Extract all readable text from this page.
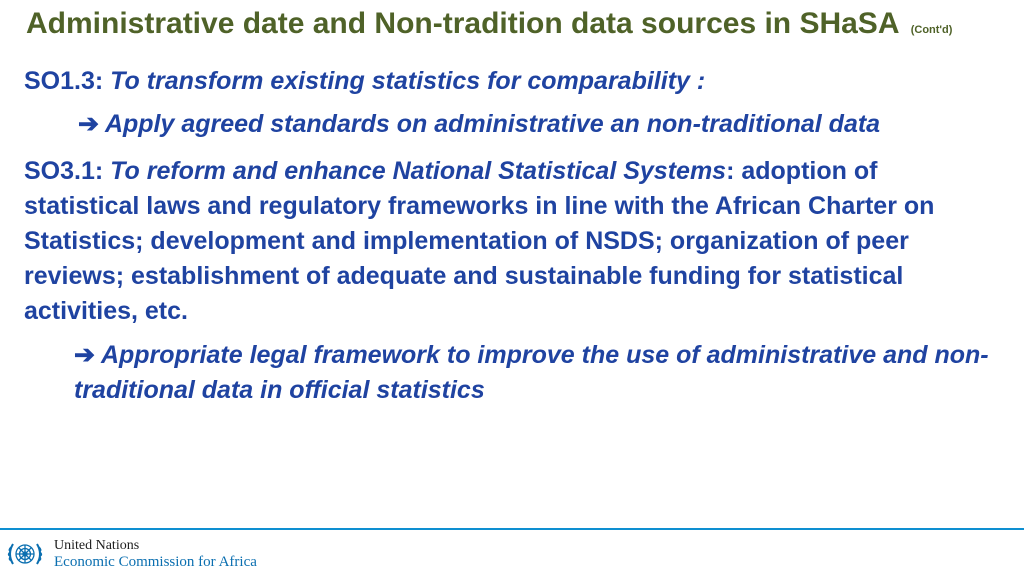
Administrative date and Non-tradition data sources in SHaSA (Cont'd)

SO1.3: To transform existing statistics for comparability :

➔ Apply agreed standards on administrative an non-traditional data

SO3.1: To reform and enhance National Statistical Systems: adoption of statistical laws and regulatory frameworks in line with the African Charter on Statistics; development and implementation of NSDS; organization of peer reviews; establishment of adequate and sustainable funding for statistical activities, etc.

➔ Appropriate legal framework to improve the use of administrative and non-traditional data in official statistics

United Nations
Economic Commission for Africa
